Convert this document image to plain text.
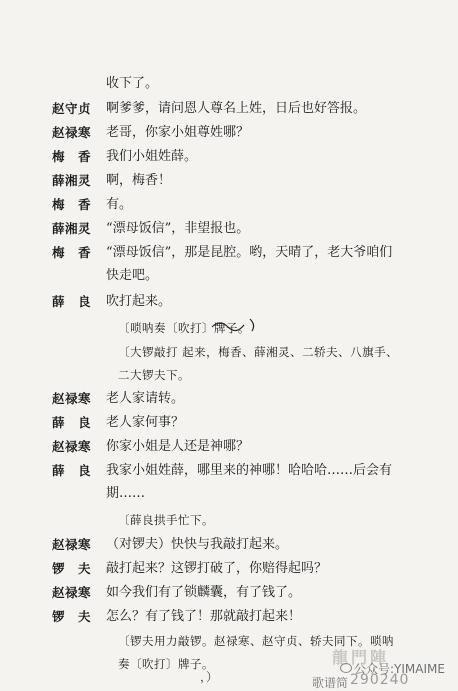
收下了。
赵守贞	啊爹爹，请问恩人尊名上姓，日后也好答报。
赵禄寒	老哥，你家小姐尊姓哪？
梅　香	我们小姐姓薛。
薛湘灵	啊，梅香！
梅　香	有。
薛湘灵	“漂母饭信”，非望报也。
梅　香	“漂母饭信”，那是昆腔。哟，天晴了，老大爷咱们
快走吧。
薛　良	吹打起来。
〔唢呐奏〔吹打〕牌子。
〔大锣敲打 起来，梅香、薛湘灵、二轿夫、八旗手、
二大锣夫下。
赵禄寒	老人家请转。
薛　良	老人家何事？
赵禄寒	你家小姐是人还是神哪？
薛　良	我家小姐姓薛，哪里来的神哪！哈哈哈……后会有
期……
〔薛良拱手忙下。
赵禄寒	（对锣夫）快快与我敲打起来。
锣　夫	敲打起来？这锣打破了，你赔得起吗？
赵禄寒	如今我们有了锁麟囊，有了钱了。
锣　夫	怎么？有了钱了！那就敲打起来！
〔锣夫用力敲锣。赵禄寒、赵守贞、轿夫同下。唢呐
奏〔吹打〕牌子。
，）
龍門陣
公众号:YIMAIME
歌谱简 290240
